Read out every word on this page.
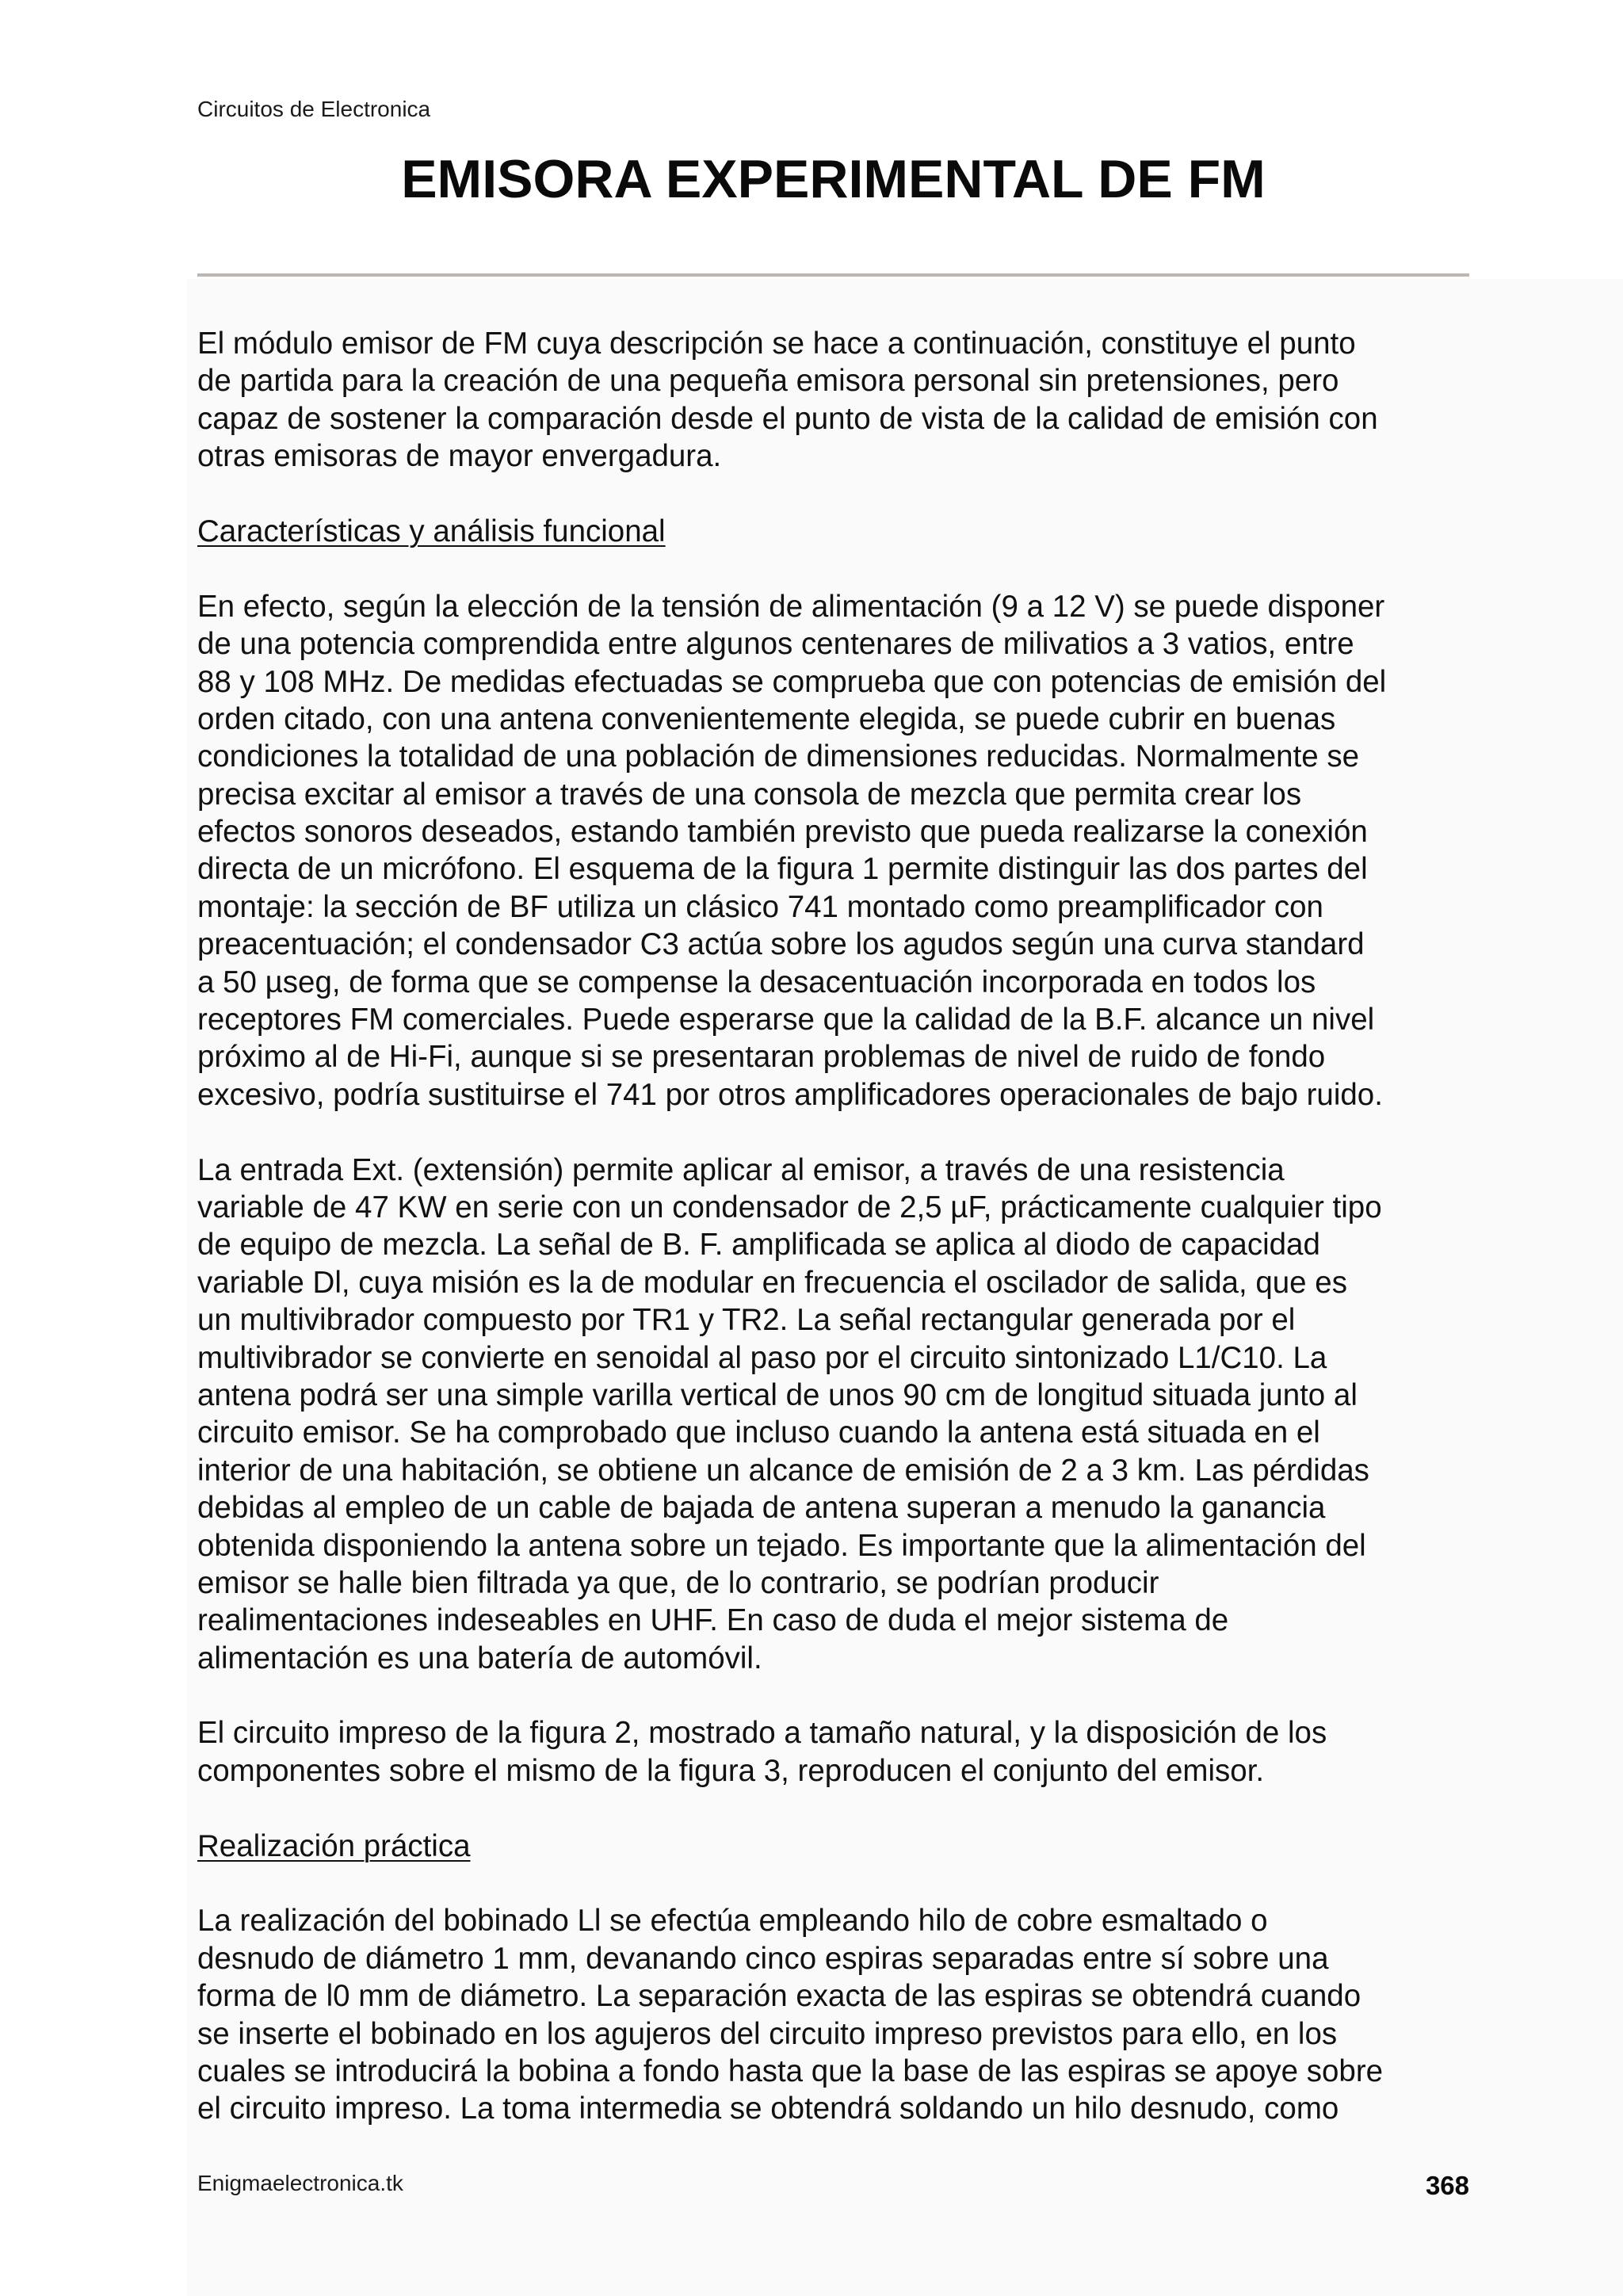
Circuitos de Electronica
EMISORA EXPERIMENTAL DE FM
El módulo emisor de FM cuya descripción se hace a continuación, constituye el punto
de partida para la creación de una pequeña emisora personal sin pretensiones, pero
capaz de sostener la comparación desde el punto de vista de la calidad de emisión con
otras emisoras de mayor envergadura.
Características y análisis funcional
En efecto, según la elección de la tensión de alimentación (9 a 12 V) se puede disponer
de una potencia comprendida entre algunos centenares de milivatios a 3 vatios, entre
88 y 108 MHz. De medidas efectuadas se comprueba que con potencias de emisión del
orden citado, con una antena convenientemente elegida, se puede cubrir en buenas
condiciones la totalidad de una población de dimensiones reducidas. Normalmente se
precisa excitar al emisor a través de una consola de mezcla que permita crear los
efectos sonoros deseados, estando también previsto que pueda realizarse la conexión
directa de un micrófono. El esquema de la figura 1 permite distinguir las dos partes del
montaje: la sección de BF utiliza un clásico 741 montado como preamplificador con
preacentuación; el condensador C3 actúa sobre los agudos según una curva standard
a 50 µseg, de forma que se compense la desacentuación incorporada en todos los
receptores FM comerciales. Puede esperarse que la calidad de la B.F. alcance un nivel
próximo al de Hi-Fi, aunque si se presentaran problemas de nivel de ruido de fondo
excesivo, podría sustituirse el 741 por otros amplificadores operacionales de bajo ruido.
La entrada Ext. (extensión) permite aplicar al emisor, a través de una resistencia
variable de 47 KW en serie con un condensador de 2,5 µF, prácticamente cualquier tipo
de equipo de mezcla. La señal de B. F. amplificada se aplica al diodo de capacidad
variable Dl, cuya misión es la de modular en frecuencia el oscilador de salida, que es
un multivibrador compuesto por TR1 y TR2. La señal rectangular generada por el
multivibrador se convierte en senoidal al paso por el circuito sintonizado L1/C10. La
antena podrá ser una simple varilla vertical de unos 90 cm de longitud situada junto al
circuito emisor. Se ha comprobado que incluso cuando la antena está situada en el
interior de una habitación, se obtiene un alcance de emisión de 2 a 3 km. Las pérdidas
debidas al empleo de un cable de bajada de antena superan a menudo la ganancia
obtenida disponiendo la antena sobre un tejado. Es importante que la alimentación del
emisor se halle bien filtrada ya que, de lo contrario, se podrían producir
realimentaciones indeseables en UHF. En caso de duda el mejor sistema de
alimentación es una batería de automóvil.
El circuito impreso de la figura 2, mostrado a tamaño natural, y la disposición de los
componentes sobre el mismo de la figura 3, reproducen el conjunto del emisor.
Realización práctica
La realización del bobinado Ll se efectúa empleando hilo de cobre esmaltado o
desnudo de diámetro 1 mm, devanando cinco espiras separadas entre sí sobre una
forma de l0 mm de diámetro. La separación exacta de las espiras se obtendrá cuando
se inserte el bobinado en los agujeros del circuito impreso previstos para ello, en los
cuales se introducirá la bobina a fondo hasta que la base de las espiras se apoye sobre
el circuito impreso. La toma intermedia se obtendrá soldando un hilo desnudo, como
Enigmaelectronica.tk	368
